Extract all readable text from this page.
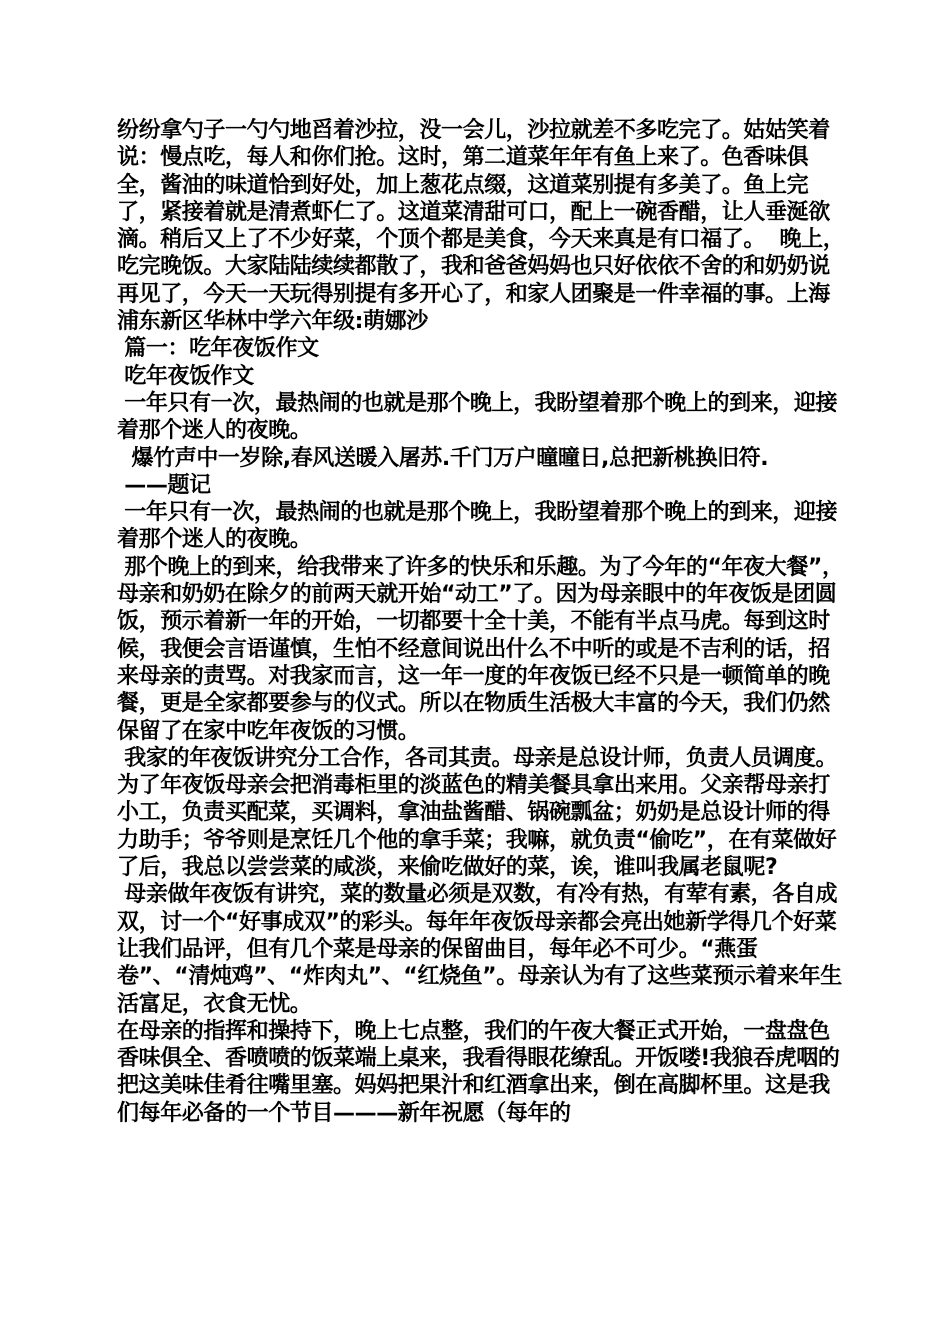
纷纷拿勺子一勺勺地舀着沙拉，没一会儿，沙拉就差不多吃完了。姑姑笑着说：慢点吃，每人和你们抢。这时，第二道菜年年有鱼上来了。色香味俱全，酱油的味道恰到好处，加上葱花点缀，这道菜别提有多美了。鱼上完了，紧接着就是清煮虾仁了。这道菜清甜可口，配上一碗香醋，让人垂涎欲滴。稍后又上了不少好菜，个顶个都是美食，今天来真是有口福了。  晚上，吃完晚饭。大家陆陆续续都散了，我和爸爸妈妈也只好依依不舍的和奶奶说再见了，今天一天玩得别提有多开心了，和家人团聚是一件幸福的事。上海浦东新区华林中学六年级:萌娜沙

篇一：吃年夜饭作文

吃年夜饭作文

一年只有一次，最热闹的也就是那个晚上，我盼望着那个晚上的到来，迎接着那个迷人的夜晚。

爆竹声中一岁除,春风送暖入屠苏.千门万户曈曈日,总把新桃换旧符.

——题记

一年只有一次，最热闹的也就是那个晚上，我盼望着那个晚上的到来，迎接着那个迷人的夜晚。

那个晚上的到来，给我带来了许多的快乐和乐趣。为了今年的“年夜大餐”，母亲和奶奶在除夕的前两天就开始“动工”了。因为母亲眼中的年夜饭是团圆饭，预示着新一年的开始，一切都要十全十美，不能有半点马虎。每到这时候，我便会言语谨慎，生怕不经意间说出什么不中听的或是不吉利的话，招来母亲的责骂。对我家而言，这一年一度的年夜饭已经不只是一顿简单的晚餐，更是全家都要参与的仪式。所以在物质生活极大丰富的今天，我们仍然保留了在家中吃年夜饭的习惯。

我家的年夜饭讲究分工合作，各司其责。母亲是总设计师，负责人员调度。为了年夜饭母亲会把消毒柜里的淡蓝色的精美餐具拿出来用。父亲帮母亲打小工，负责买配菜，买调料，拿油盐酱醋、锅碗瓢盆；奶奶是总设计师的得力助手；爷爷则是烹饪几个他的拿手菜；我嘛，就负责“偷吃”，在有菜做好了后，我总以尝尝菜的咸淡，来偷吃做好的菜，诶，谁叫我属老鼠呢?

母亲做年夜饭有讲究，菜的数量必须是双数，有冷有热，有荤有素，各自成双，讨一个“好事成双”的彩头。每年年夜饭母亲都会亮出她新学得几个好菜让我们品评，但有几个菜是母亲的保留曲目，每年必不可少。“燕蛋卷”、“清炖鸡”、“炸肉丸”、“红烧鱼”。母亲认为有了这些菜预示着来年生活富足，衣食无忧。

在母亲的指挥和操持下，晚上七点整，我们的午夜大餐正式开始，一盘盘色香味俱全、香喷喷的饭菜端上桌来，我看得眼花缭乱。开饭喽!我狼吞虎咽的把这美味佳肴往嘴里塞。妈妈把果汁和红酒拿出来，倒在高脚杯里。这是我们每年必备的一个节目———新年祝愿（每年的
